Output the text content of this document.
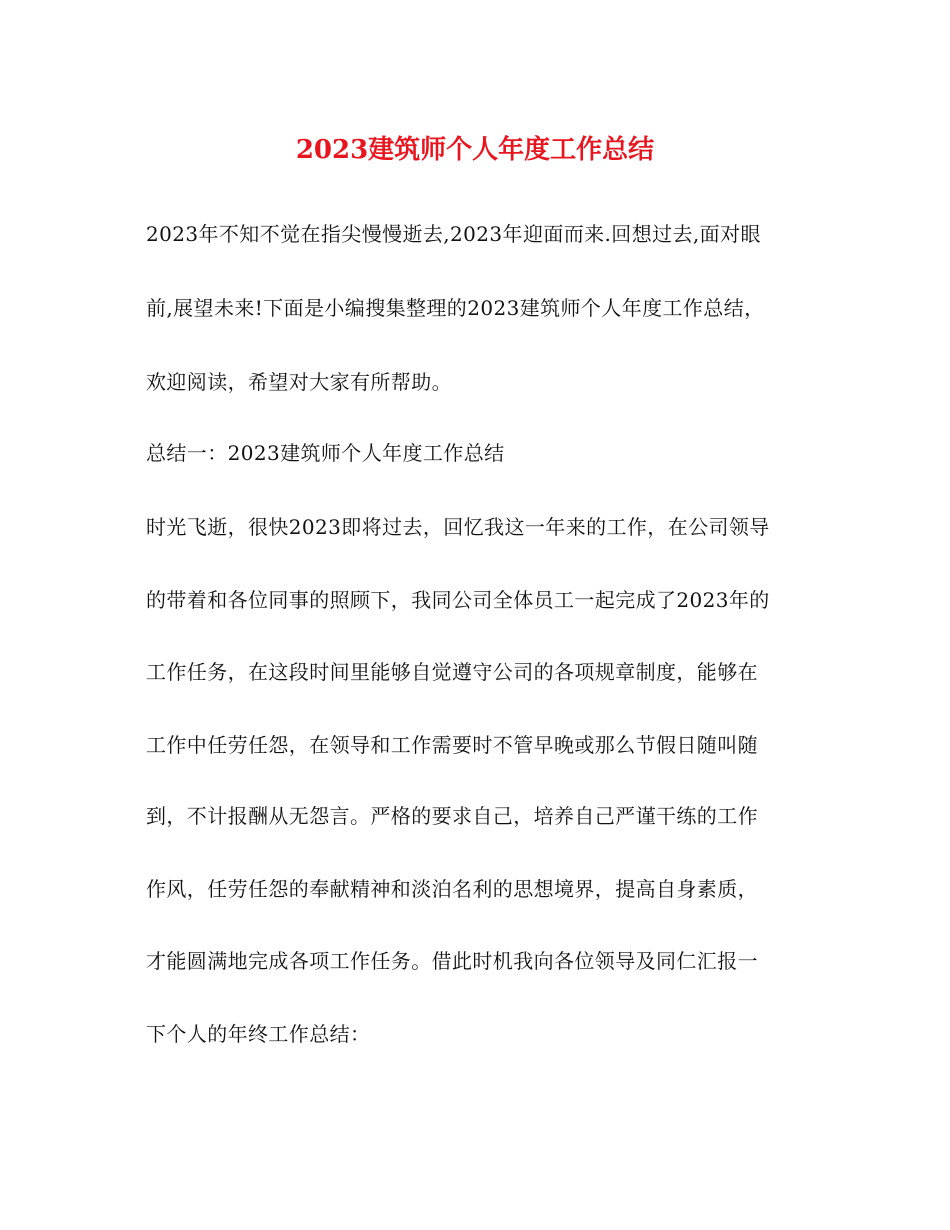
2023建筑师个人年度工作总结
2023年不知不觉在指尖慢慢逝去,2023年迎面而来.回想过去,面对眼
前,展望未来!下面是小编搜集整理的2023建筑师个人年度工作总结，
欢迎阅读，希望对大家有所帮助。
总结一：2023建筑师个人年度工作总结
时光飞逝，很快2023即将过去，回忆我这一年来的工作，在公司领导
的带着和各位同事的照顾下，我同公司全体员工一起完成了2023年的
工作任务，在这段时间里能够自觉遵守公司的各项规章制度，能够在
工作中任劳任怨，在领导和工作需要时不管早晚或那么节假日随叫随
到，不计报酬从无怨言。严格的要求自己，培养自己严谨干练的工作
作风，任劳任怨的奉献精神和淡泊名利的思想境界，提高自身素质，
才能圆满地完成各项工作任务。借此时机我向各位领导及同仁汇报一
下个人的年终工作总结：
